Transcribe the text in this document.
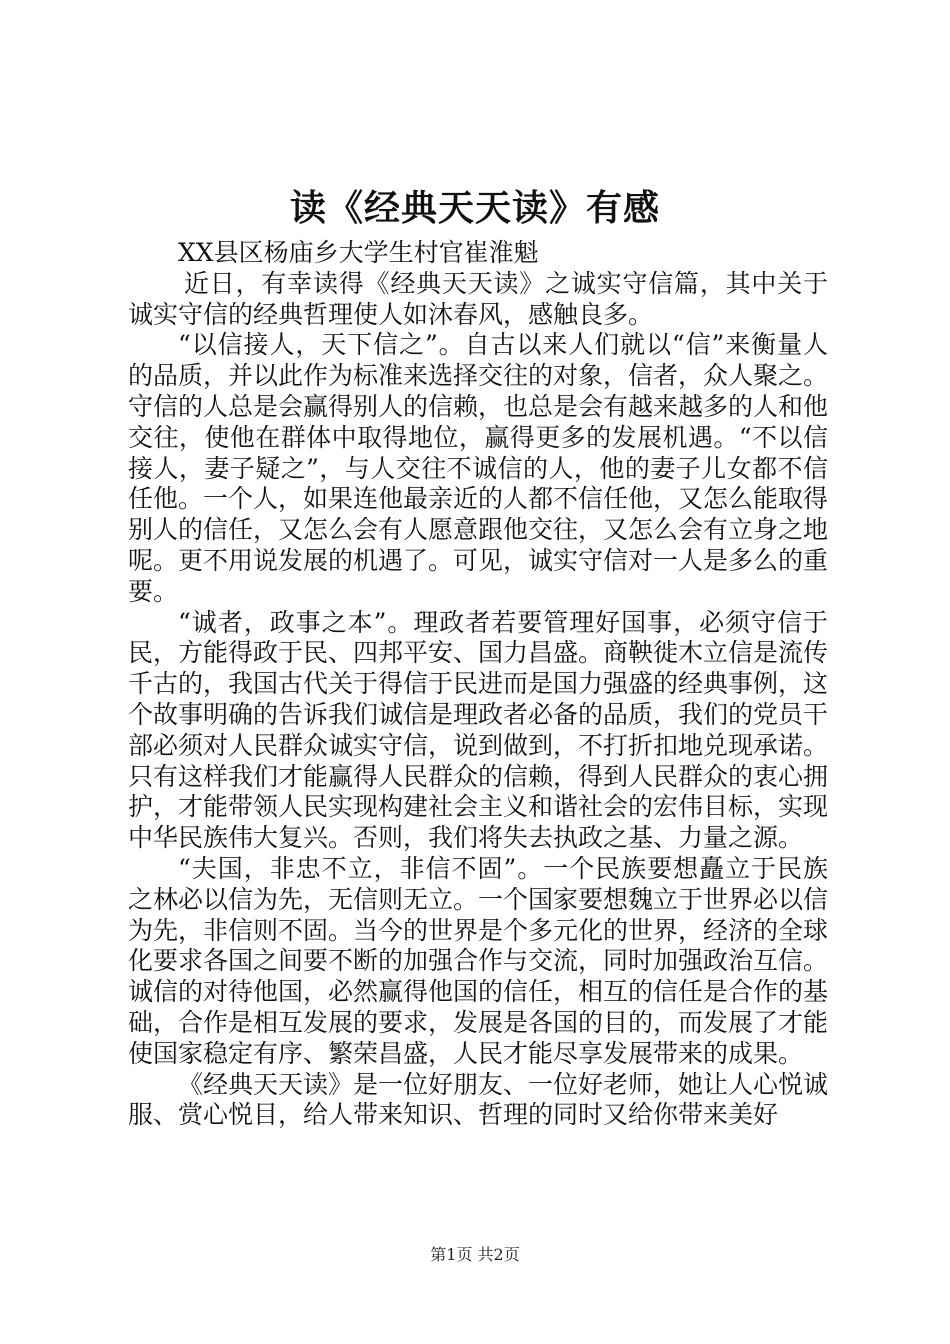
读《经典天天读》有感

XX县区杨庙乡大学生村官崔淮魁

近日，有幸读得《经典天天读》之诚实守信篇，其中关于诚实守信的经典哲理使人如沐春风，感触良多。

“以信接人，天下信之”。自古以来人们就以“信”来衡量人的品质，并以此作为标准来选择交往的对象，信者，众人聚之。守信的人总是会赢得别人的信赖，也总是会有越来越多的人和他交往，使他在群体中取得地位，赢得更多的发展机遇。“不以信接人，妻子疑之”，与人交往不诚信的人，他的妻子儿女都不信任他。一个人，如果连他最亲近的人都不信任他，又怎么能取得别人的信任，又怎么会有人愿意跟他交往，又怎么会有立身之地呢。更不用说发展的机遇了。可见，诚实守信对一人是多么的重要。

“诚者，政事之本”。理政者若要管理好国事，必须守信于民，方能得政于民、四邦平安、国力昌盛。商鞅徙木立信是流传千古的，我国古代关于得信于民进而是国力强盛的经典事例，这个故事明确的告诉我们诚信是理政者必备的品质，我们的党员干部必须对人民群众诚实守信，说到做到，不打折扣地兑现承诺。只有这样我们才能赢得人民群众的信赖，得到人民群众的衷心拥护，才能带领人民实现构建社会主义和谐社会的宏伟目标，实现中华民族伟大复兴。否则，我们将失去执政之基、力量之源。

“夫国，非忠不立，非信不固”。一个民族要想矗立于民族之林必以信为先，无信则无立。一个国家要想魏立于世界必以信为先，非信则不固。当今的世界是个多元化的世界，经济的全球化要求各国之间要不断的加强合作与交流，同时加强政治互信。诚信的对待他国，必然赢得他国的信任，相互的信任是合作的基础，合作是相互发展的要求，发展是各国的目的，而发展了才能使国家稳定有序、繁荣昌盛，人民才能尽享发展带来的成果。

《经典天天读》是一位好朋友、一位好老师，她让人心悦诚服、赏心悦目，给人带来知识、哲理的同时又给你带来美好

第1页 共2页
